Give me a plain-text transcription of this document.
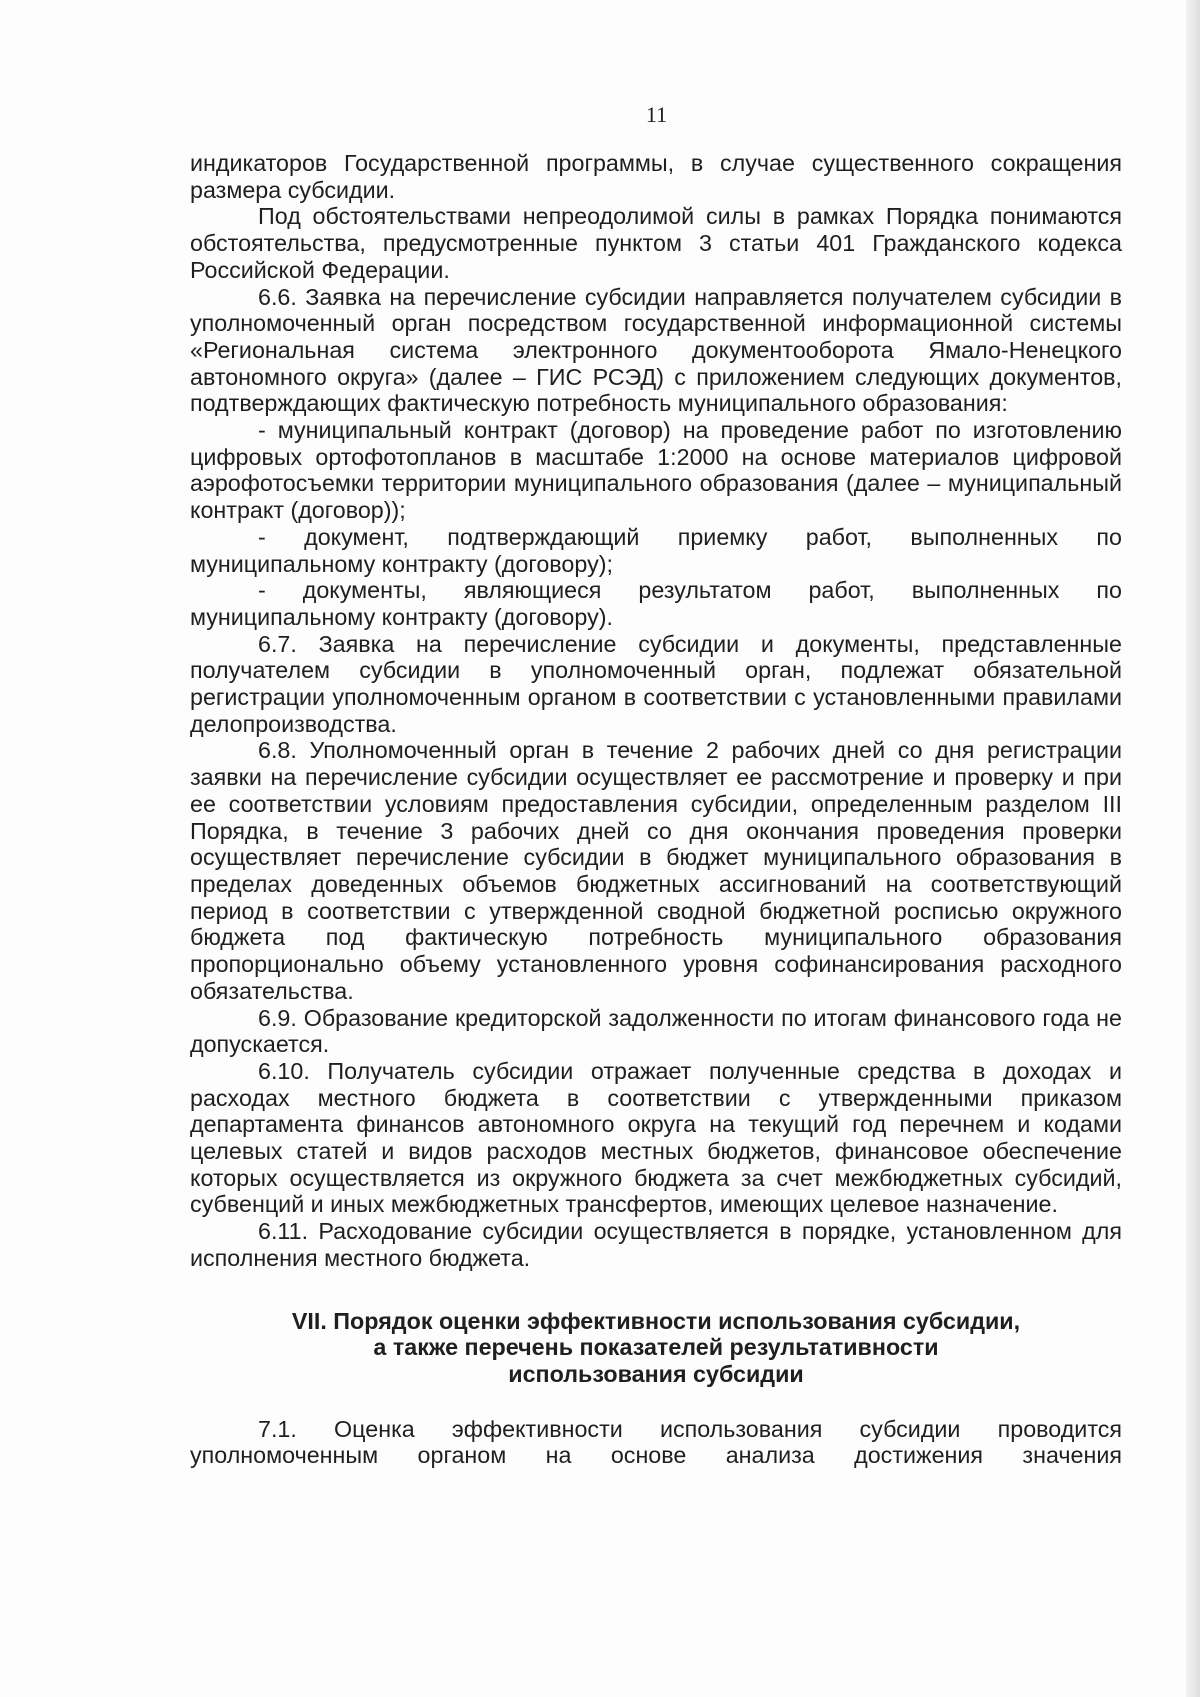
11

индикаторов Государственной программы, в случае существенного сокращения размера субсидии.

Под обстоятельствами непреодолимой силы в рамках Порядка понимаются обстоятельства, предусмотренные пунктом 3 статьи 401 Гражданского кодекса Российской Федерации.

6.6. Заявка на перечисление субсидии направляется получателем субсидии в уполномоченный орган посредством государственной информационной системы «Региональная система электронного документооборота Ямало-Ненецкого автономного округа» (далее – ГИС РСЭД) с приложением следующих документов, подтверждающих фактическую потребность муниципального образования:

- муниципальный контракт (договор) на проведение работ по изготовлению цифровых ортофотопланов в масштабе 1:2000 на основе материалов цифровой аэрофотосъемки территории муниципального образования (далее – муниципальный контракт (договор));

- документ, подтверждающий приемку работ, выполненных по муниципальному контракту (договору);

- документы, являющиеся результатом работ, выполненных по муниципальному контракту (договору).

6.7. Заявка на перечисление субсидии и документы, представленные получателем субсидии в уполномоченный орган, подлежат обязательной регистрации уполномоченным органом в соответствии с установленными правилами делопроизводства.

6.8. Уполномоченный орган в течение 2 рабочих дней со дня регистрации заявки на перечисление субсидии осуществляет ее рассмотрение и проверку и при ее соответствии условиям предоставления субсидии, определенным разделом III Порядка, в течение 3 рабочих дней со дня окончания проведения проверки осуществляет перечисление субсидии в бюджет муниципального образования в пределах доведенных объемов бюджетных ассигнований на соответствующий период в соответствии с утвержденной сводной бюджетной росписью окружного бюджета под фактическую потребность муниципального образования пропорционально объему установленного уровня софинансирования расходного обязательства.

6.9. Образование кредиторской задолженности по итогам финансового года не допускается.

6.10. Получатель субсидии отражает полученные средства в доходах и расходах местного бюджета в соответствии с утвержденными приказом департамента финансов автономного округа на текущий год перечнем и кодами целевых статей и видов расходов местных бюджетов, финансовое обеспечение которых осуществляется из окружного бюджета за счет межбюджетных субсидий, субвенций и иных межбюджетных трансфертов, имеющих целевое назначение.

6.11. Расходование субсидии осуществляется в порядке, установленном для исполнения местного бюджета.

VII. Порядок оценки эффективности использования субсидии,
а также перечень показателей результативности
использования субсидии

7.1. Оценка эффективности использования субсидии проводится уполномоченным органом на основе анализа достижения значения
